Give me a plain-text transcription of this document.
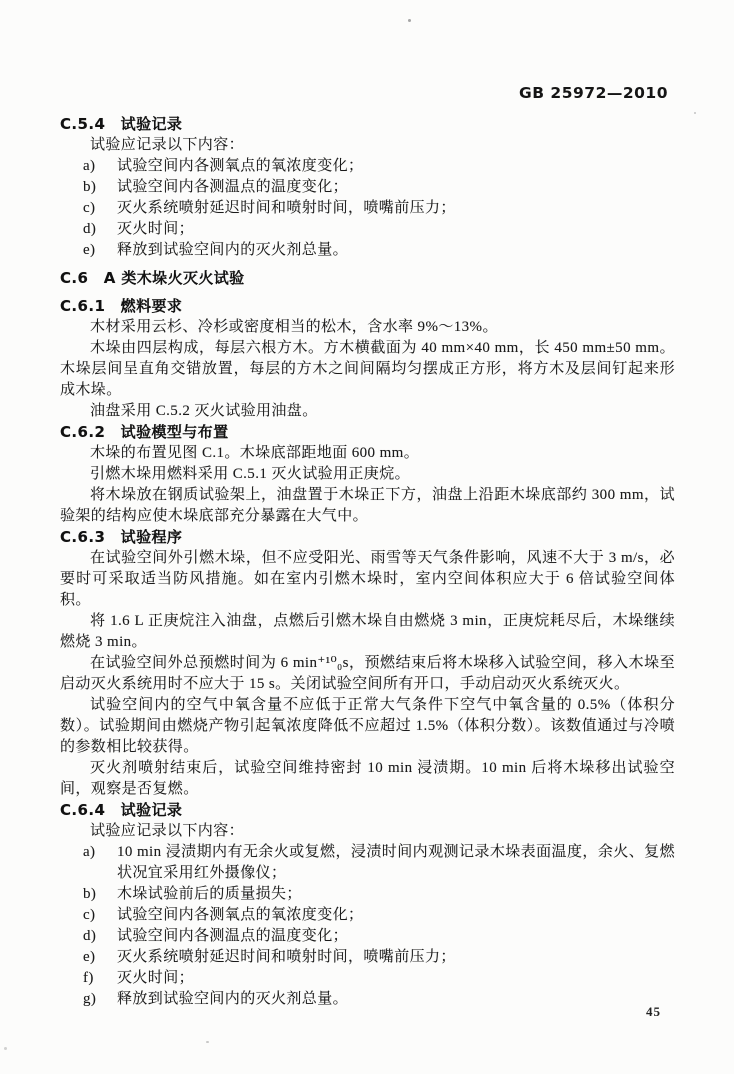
GB 25972—2010
C.5.4　试验记录
试验应记录以下内容：
a)	试验空间内各测氧点的氧浓度变化；
b)	试验空间内各测温点的温度变化；
c)	灭火系统喷射延迟时间和喷射时间，喷嘴前压力；
d)	灭火时间；
e)	释放到试验空间内的灭火剂总量。
C.6　A 类木垛火灭火试验
C.6.1　燃料要求
木材采用云杉、冷杉或密度相当的松木，含水率 9%～13%。
木垛由四层构成，每层六根方木。方木横截面为 40 mm×40 mm，长 450 mm±50 mm。木垛层间呈直角交错放置，每层的方木之间间隔均匀摆成正方形，将方木及层间钉起来形成木垛。
油盘采用 C.5.2 灭火试验用油盘。
C.6.2　试验模型与布置
木垛的布置见图 C.1。木垛底部距地面 600 mm。
引燃木垛用燃料采用 C.5.1 灭火试验用正庚烷。
将木垛放在钢质试验架上，油盘置于木垛正下方，油盘上沿距木垛底部约 300 mm，试验架的结构应使木垛底部充分暴露在大气中。
C.6.3　试验程序
在试验空间外引燃木垛，但不应受阳光、雨雪等天气条件影响，风速不大于 3 m/s，必要时可采取适当防风措施。如在室内引燃木垛时，室内空间体积应大于 6 倍试验空间体积。
将 1.6 L 正庚烷注入油盘，点燃后引燃木垛自由燃烧 3 min，正庚烷耗尽后，木垛继续燃烧 3 min。
在试验空间外总预燃时间为 6 min⁺¹⁰₀s，预燃结束后将木垛移入试验空间，移入木垛至启动灭火系统用时不应大于 15 s。关闭试验空间所有开口，手动启动灭火系统灭火。
试验空间内的空气中氧含量不应低于正常大气条件下空气中氧含量的 0.5%（体积分数）。试验期间由燃烧产物引起氧浓度降低不应超过 1.5%（体积分数）。该数值通过与冷喷的参数相比较获得。
灭火剂喷射结束后，试验空间维持密封 10 min 浸渍期。10 min 后将木垛移出试验空间，观察是否复燃。
C.6.4　试验记录
试验应记录以下内容：
a)	10 min 浸渍期内有无余火或复燃，浸渍时间内观测记录木垛表面温度，余火、复燃状况宜采用红外摄像仪；
b)	木垛试验前后的质量损失；
c)	试验空间内各测氧点的氧浓度变化；
d)	试验空间内各测温点的温度变化；
e)	灭火系统喷射延迟时间和喷射时间，喷嘴前压力；
f)	灭火时间；
g)	释放到试验空间内的灭火剂总量。
45
